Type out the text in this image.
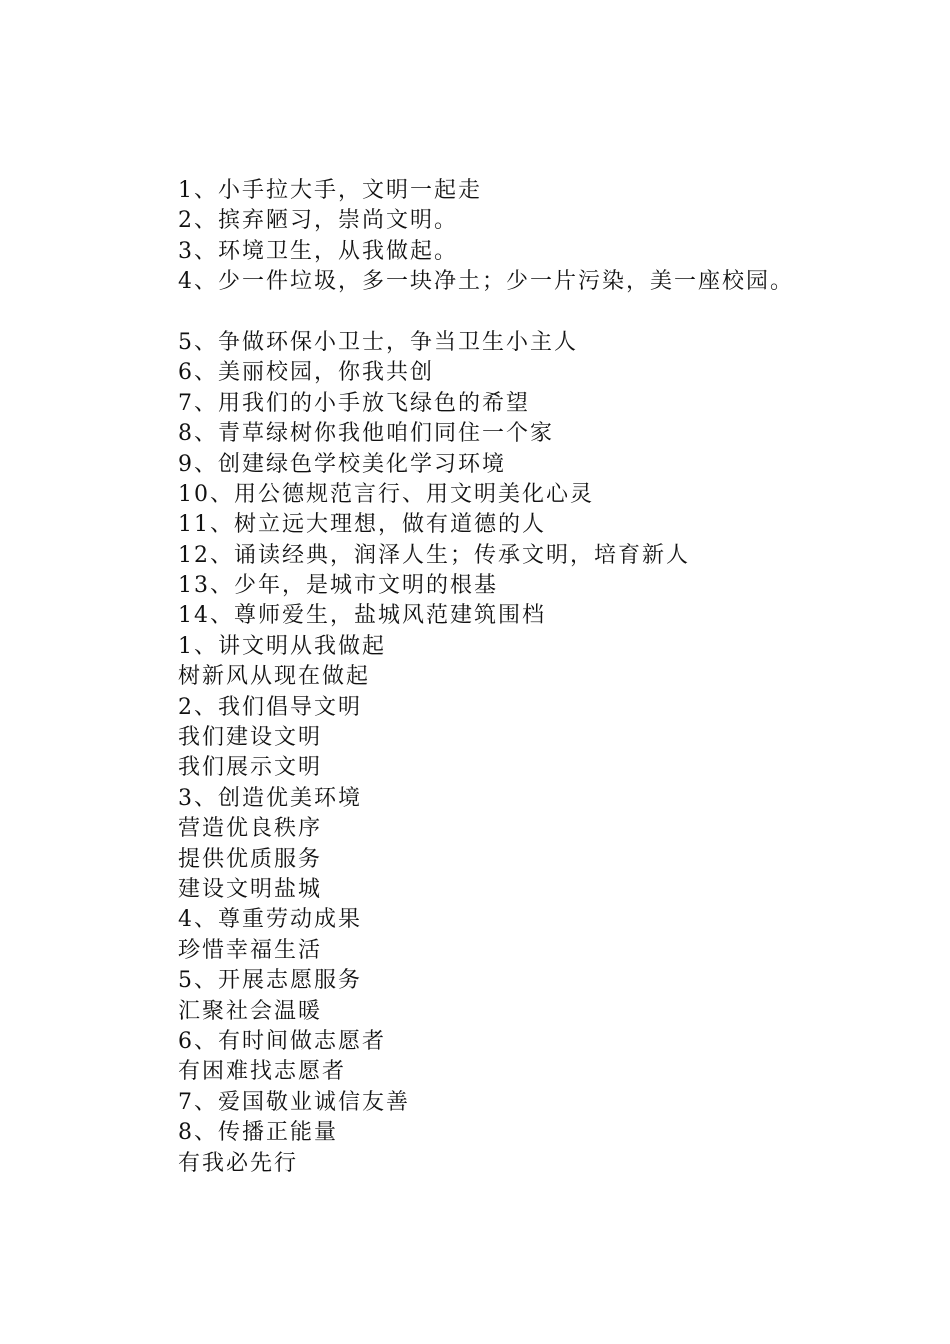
1、小手拉大手，文明一起走
2、摈弃陋习，崇尚文明。
3、环境卫生，从我做起。
4、少一件垃圾，多一块净土；少一片污染，美一座校园。
5、争做环保小卫士，争当卫生小主人
6、美丽校园，你我共创
7、用我们的小手放飞绿色的希望
8、青草绿树你我他咱们同住一个家
9、创建绿色学校美化学习环境
10、用公德规范言行、用文明美化心灵
11、树立远大理想，做有道德的人
12、诵读经典，润泽人生；传承文明，培育新人
13、少年，是城市文明的根基
14、尊师爱生，盐城风范建筑围档
1、讲文明从我做起
树新风从现在做起
2、我们倡导文明
我们建设文明
我们展示文明
3、创造优美环境
营造优良秩序
提供优质服务
建设文明盐城
4、尊重劳动成果
珍惜幸福生活
5、开展志愿服务
汇聚社会温暖
6、有时间做志愿者
有困难找志愿者
7、爱国敬业诚信友善
8、传播正能量
有我必先行
